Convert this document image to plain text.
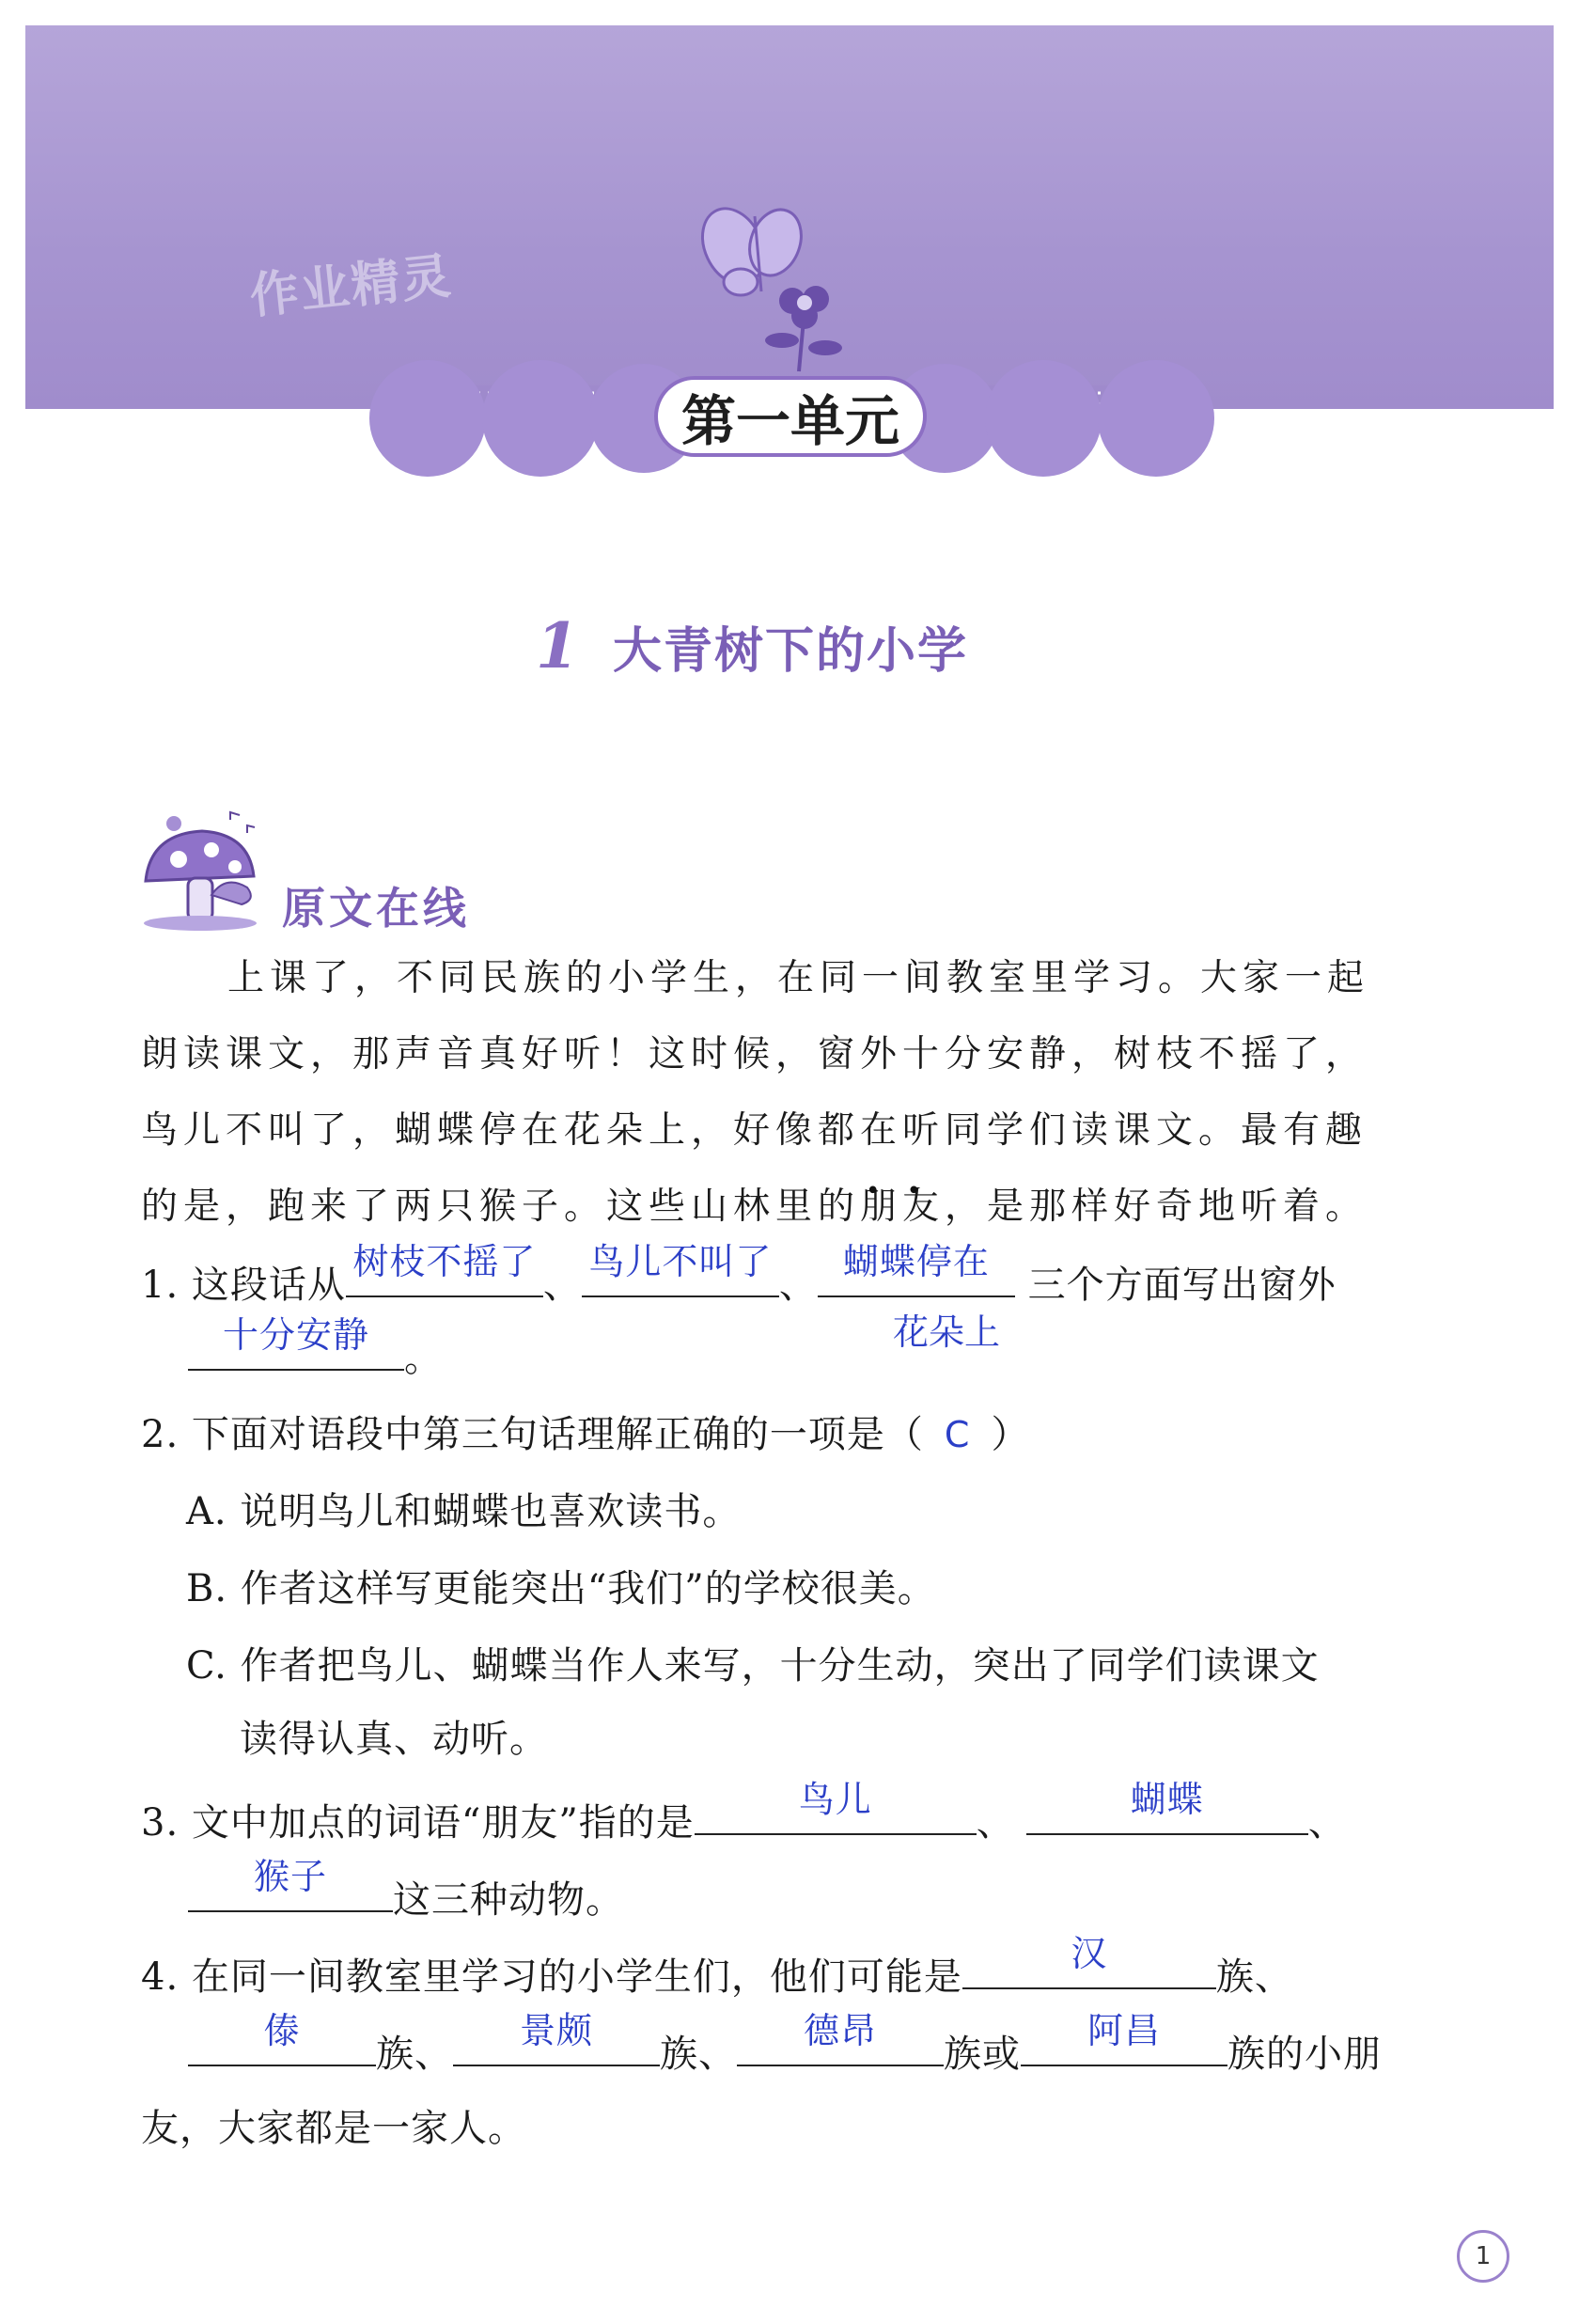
作业精灵
第一单元
1 大青树下的小学
原文在线

上课了，不同民族的小学生，在同一间教室里学习。大家一起

朗读课文，那声音真好听！这时候，窗外十分安静，树枝不摇了，
鸟儿不叫了，蝴蝶停在花朵上，好像都在听同学们读课文。最有趣
的是，跑来了两只猴子。这些山林里的• • 朋友，是那样好奇地听着。
1. 这段话从
树枝不摇了
、
鸟儿不叫了
、
蝴蝶停在
三个方面写出窗外
花朵上
十分安静
。
2. 下面对语段中第三句话理解正确的一项是（ C ）
A. 说明鸟儿和蝴蝶也喜欢读书。
B. 作者这样写更能突出“我们”的学校很美。
C. 作者把鸟儿、蝴蝶当作人来写，十分生动，突出了同学们读课文
读得认真、动听。
3. 文中加点的词语“朋友”指的是
鸟儿
、
蝴蝶
、
猴子
这三种动物。
4. 在同一间教室里学习的小学生们，他们可能是
汉
族、
傣
族、
景颇
族、
德昂
族或
阿昌
族的小朋
友，大家都是一家人。
1
